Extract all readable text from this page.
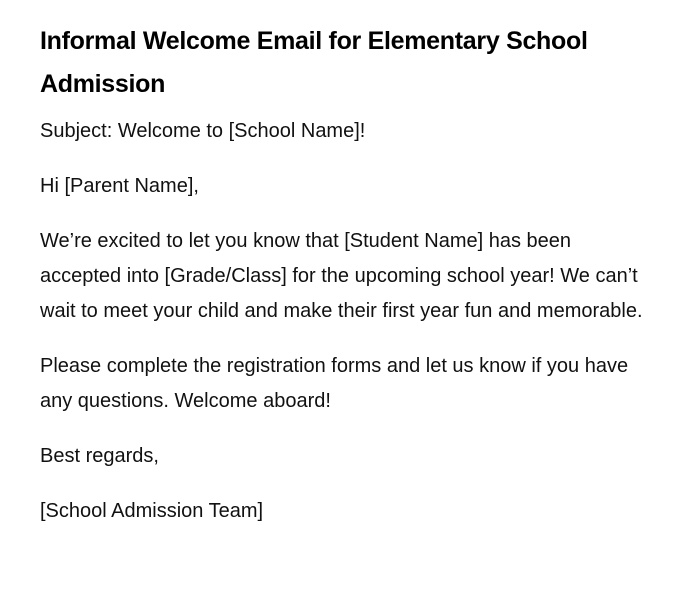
Informal Welcome Email for Elementary School Admission

Subject: Welcome to [School Name]!

Hi [Parent Name],

We’re excited to let you know that [Student Name] has been accepted into [Grade/Class] for the upcoming school year! We can’t wait to meet your child and make their first year fun and memorable.

Please complete the registration forms and let us know if you have any questions. Welcome aboard!

Best regards,

[School Admission Team]
